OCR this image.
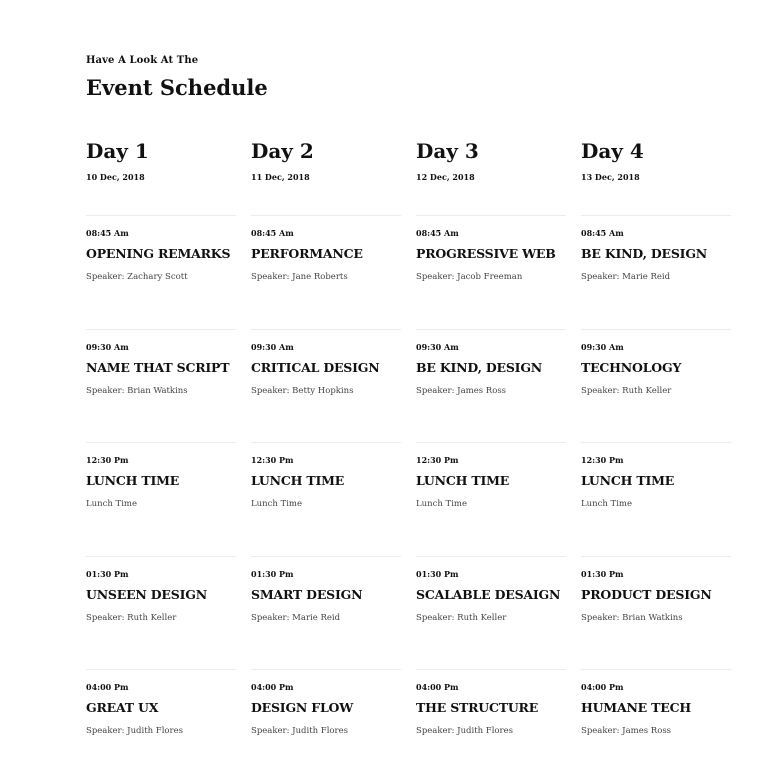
Have A Look At The
Event Schedule
Day 1
10 Dec, 2018
08:45 Am
OPENING REMARKS
Speaker: Zachary Scott
09:30 Am
NAME THAT SCRIPT
Speaker: Brian Watkins
12:30 Pm
LUNCH TIME
Lunch Time
01:30 Pm
UNSEEN DESIGN
Speaker: Ruth Keller
04:00 Pm
GREAT UX
Speaker: Judith Flores
Day 2
11 Dec, 2018
08:45 Am
PERFORMANCE
Speaker: Jane Roberts
09:30 Am
CRITICAL DESIGN
Speaker: Betty Hopkins
12:30 Pm
LUNCH TIME
Lunch Time
01:30 Pm
SMART DESIGN
Speaker: Marie Reid
04:00 Pm
DESIGN FLOW
Speaker: Judith Flores
Day 3
12 Dec, 2018
08:45 Am
PROGRESSIVE WEB
Speaker: Jacob Freeman
09:30 Am
BE KIND, DESIGN
Speaker: James Ross
12:30 Pm
LUNCH TIME
Lunch Time
01:30 Pm
SCALABLE DESAIGN
Speaker: Ruth Keller
04:00 Pm
THE STRUCTURE
Speaker: Judith Flores
Day 4
13 Dec, 2018
08:45 Am
BE KIND, DESIGN
Speaker: Marie Reid
09:30 Am
TECHNOLOGY
Speaker: Ruth Keller
12:30 Pm
LUNCH TIME
Lunch Time
01:30 Pm
PRODUCT DESIGN
Speaker: Brian Watkins
04:00 Pm
HUMANE TECH
Speaker: James Ross
